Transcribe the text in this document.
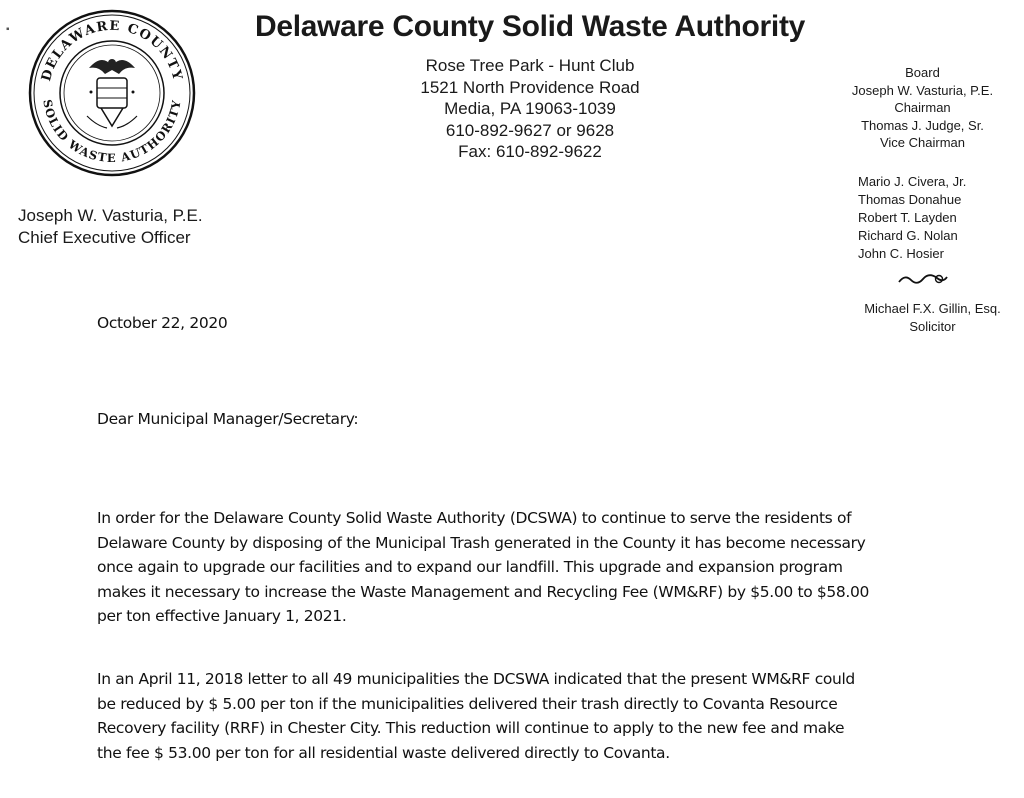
▪
DELAWARE COUNTY
SOLID WASTE AUTHORITY
Delaware County Solid Waste Authority
Rose Tree Park - Hunt Club
1521 North Providence Road
Media, PA 19063-1039
610-892-9627 or 9628
Fax: 610-892-9622
Joseph W. Vasturia, P.E.
Chief Executive Officer
Board
Joseph W. Vasturia, P.E.
Chairman
Thomas J. Judge, Sr.
Vice Chairman
Mario J. Civera, Jr.
Thomas Donahue
Robert T. Layden
Richard G. Nolan
John C. Hosier
Michael F.X. Gillin, Esq.
Solicitor
October 22, 2020
Dear Municipal Manager/Secretary:
In order for the Delaware County Solid Waste Authority (DCSWA) to continue to serve the residents of
Delaware County by disposing of the Municipal Trash generated in the County it has become necessary
once again to upgrade our facilities and to expand our landfill. This upgrade and expansion program
makes it necessary to increase the Waste Management and Recycling Fee (WM&RF) by $5.00 to $58.00
per ton effective January 1, 2021.
In an April 11, 2018 letter to all 49 municipalities the DCSWA indicated that the present WM&RF could
be reduced by $ 5.00 per ton if the municipalities delivered their trash directly to Covanta Resource
Recovery facility (RRF) in Chester City. This reduction will continue to apply to the new fee and make
the fee $ 53.00 per ton for all residential waste delivered directly to Covanta.
